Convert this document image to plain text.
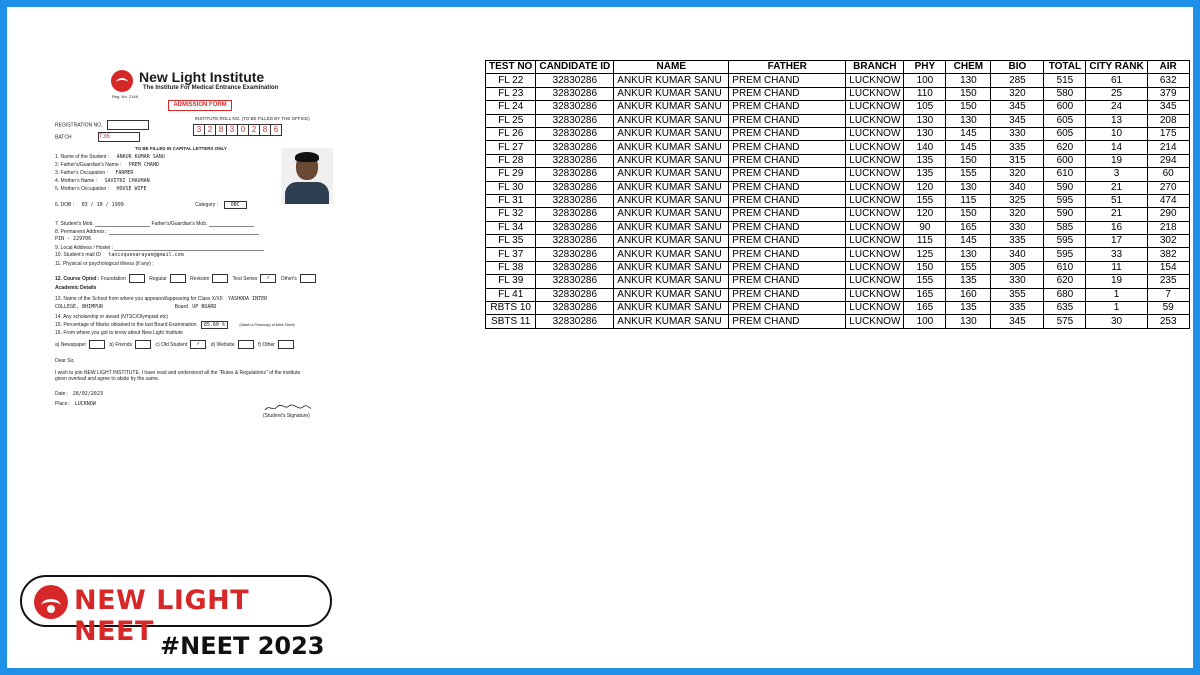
New Light Institute
The Institute For Medical Entrance Examination
Reg. No. 2148
ADMISSION FORM
REGISTRATION NO.
BATCH	ТЗ6
INSTITUTE ROLL NO. (TO BE FILLED BY THE OFFICE)
3 2 8 3 0 2 8 6
TO BE FILLED IN CAPITAL LETTERS ONLY
1. Name of the Student : ANKUR KUMAR SANU
2. Father's/Guardian's Name : PREM CHAND
3. Father's Occupation : FARMER
4. Mother's Name : SAVITRI CHAUHAN
5. Mother's Occupation : HOUSE WIFE
6. DOB : 03 / 10 / 1999	Category : OBC
7. Student's Mob.	Father's/Guardian's Mob.
8. Permanent Address :
PIN - 229706
9. Local Address / Hostel :
10. Student's mail ID tanisquenarayan@gmail.com
11. Physical or psychological illness (if any) :
12. Course Opted : Foundation	Regular	Revision	Test Series ✓ Other's
Academic Details
13. Name of the School from where you appeared/appearing for Class X/XII YASHODA INTER
COLLEGE, BHIMPUR	Board UP BOARD
14. Any scholarship or award (NTSC/Olympiad etc)
15. Percentage of Marks obtained in the last Board Examination 85.60 %	(Attach a Photocopy of Mark Sheet)
16. From where you got to know about New Light Institute
a) Newspaper	b) Friends	c) Old Student ✓ d) Website	f) Other
Dear Sir,
I wish to join NEW LIGHT INSTITUTE, I have read and understood all the "Rules & Regulations" of the institute given overleaf and agree to abide by the same.
Date : 28/02/2023
Place : LUCKNOW
(Student's Signature)
TEST NO	CANDIDATE ID	NAME	FATHER	BRANCH	PHY	CHEM	BIO	TOTAL	CITY RANK	AIR
FL 22	32830286	ANKUR KUMAR SANU	PREM CHAND	LUCKNOW	100	130	285	515	61	632
FL 23	32830286	ANKUR KUMAR SANU	PREM CHAND	LUCKNOW	110	150	320	580	25	379
FL 24	32830286	ANKUR KUMAR SANU	PREM CHAND	LUCKNOW	105	150	345	600	24	345
FL 25	32830286	ANKUR KUMAR SANU	PREM CHAND	LUCKNOW	130	130	345	605	13	208
FL 26	32830286	ANKUR KUMAR SANU	PREM CHAND	LUCKNOW	130	145	330	605	10	175
FL 27	32830286	ANKUR KUMAR SANU	PREM CHAND	LUCKNOW	140	145	335	620	14	214
FL 28	32830286	ANKUR KUMAR SANU	PREM CHAND	LUCKNOW	135	150	315	600	19	294
FL 29	32830286	ANKUR KUMAR SANU	PREM CHAND	LUCKNOW	135	155	320	610	3	60
FL 30	32830286	ANKUR KUMAR SANU	PREM CHAND	LUCKNOW	120	130	340	590	21	270
FL 31	32830286	ANKUR KUMAR SANU	PREM CHAND	LUCKNOW	155	115	325	595	51	474
FL 32	32830286	ANKUR KUMAR SANU	PREM CHAND	LUCKNOW	120	150	320	590	21	290
FL 34	32830286	ANKUR KUMAR SANU	PREM CHAND	LUCKNOW	90	165	330	585	16	218
FL 35	32830286	ANKUR KUMAR SANU	PREM CHAND	LUCKNOW	115	145	335	595	17	302
FL 37	32830286	ANKUR KUMAR SANU	PREM CHAND	LUCKNOW	125	130	340	595	33	382
FL 38	32830286	ANKUR KUMAR SANU	PREM CHAND	LUCKNOW	150	155	305	610	11	154
FL 39	32830286	ANKUR KUMAR SANU	PREM CHAND	LUCKNOW	155	135	330	620	19	235
FL 41	32830286	ANKUR KUMAR SANU	PREM CHAND	LUCKNOW	165	160	355	680	1	7
RBTS 10	32830286	ANKUR KUMAR SANU	PREM CHAND	LUCKNOW	165	135	335	635	1	59
SBTS 11	32830286	ANKUR KUMAR SANU	PREM CHAND	LUCKNOW	100	130	345	575	30	253
NEW LIGHT NEET #NEET 2023
